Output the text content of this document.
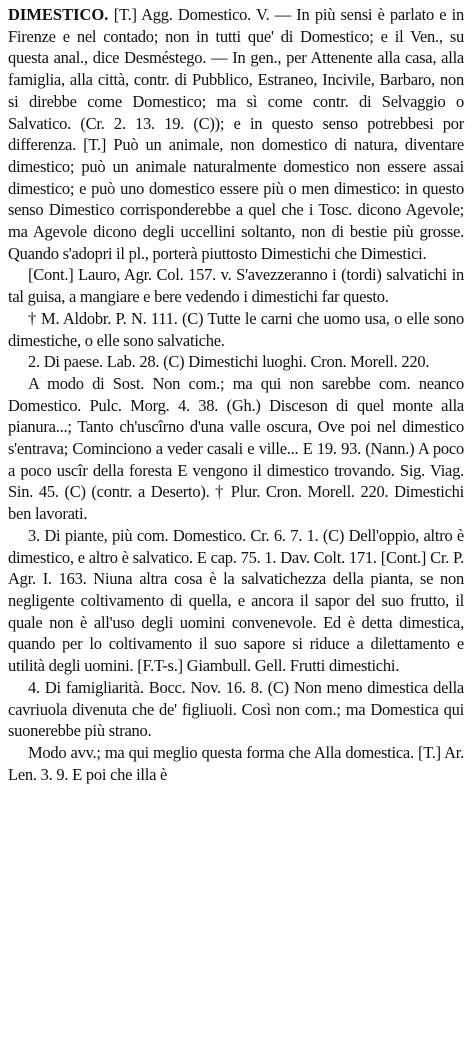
DIMESTICO. [T.] Agg. Domestico. V. — In più sensi è parlato e in Firenze e nel contado; non in tutti que' di Domestico; e il Ven., su questa anal., dice Desméstego. — In gen., per Attenente alla casa, alla famiglia, alla città, contr. di Pubblico, Estraneo, Incivile, Barbaro, non si direbbe come Domestico; ma sì come contr. di Selvaggio o Salvatico. (Cr. 2. 13. 19. (C)); e in questo senso potrebbesi por differenza. [T.] Può un animale, non domestico di natura, diventare dimestico; può un animale naturalmente domestico non essere assai dimestico; e può uno domestico essere più o men dimestico: in questo senso Dimestico corrisponderebbe a quel che i Tosc. dicono Agevole; ma Agevole dicono degli uccellini soltanto, non di bestie più grosse. Quando s'adopri il pl., porterà piuttosto Dimestichi che Dimestici.

[Cont.] Lauro, Agr. Col. 157. v. S'avezzeranno i (tordi) salvatichi in tal guisa, a mangiare e bere vedendo i dimestichi far questo.

† M. Aldobr. P. N. 111. (C) Tutte le carni che uomo usa, o elle sono dimestiche, o elle sono salvatiche.

2. Di paese. Lab. 28. (C) Dimestichi luoghi. Cron. Morell. 220.

A modo di Sost. Non com.; ma qui non sarebbe com. neanco Domestico. Pulc. Morg. 4. 38. (Gh.) Disceson di quel monte alla pianura...; Tanto ch'uscîrno d'una valle oscura, Ove poi nel dimestico s'entrava; Cominciono a veder casali e ville... E 19. 93. (Nann.) A poco a poco uscîr della foresta E vengono il dimestico trovando. Sig. Viag. Sin. 45. (C) (contr. a Deserto). † Plur. Cron. Morell. 220. Dimestichi ben lavorati.

3. Di piante, più com. Domestico. Cr. 6. 7. 1. (C) Dell'oppio, altro è dimestico, e altro è salvatico. E cap. 75. 1. Dav. Colt. 171. [Cont.] Cr. P. Agr. I. 163. Niuna altra cosa è la salvatichezza della pianta, se non negligente coltivamento di quella, e ancora il sapor del suo frutto, il quale non è all'uso degli uomini convenevole. Ed è detta dimestica, quando per lo coltivamento il suo sapore si riduce a dilettamento e utilità degli uomini. [F.T-s.] Giambull. Gell. Frutti dimestichi.

4. Di famigliarità. Bocc. Nov. 16. 8. (C) Non meno dimestica della cavriuola divenuta che de' figliuoli. Così non com.; ma Domestica qui suonerebbe più strano.

Modo avv.; ma qui meglio questa forma che Alla domestica. [T.] Ar. Len. 3. 9. E poi che illa è
